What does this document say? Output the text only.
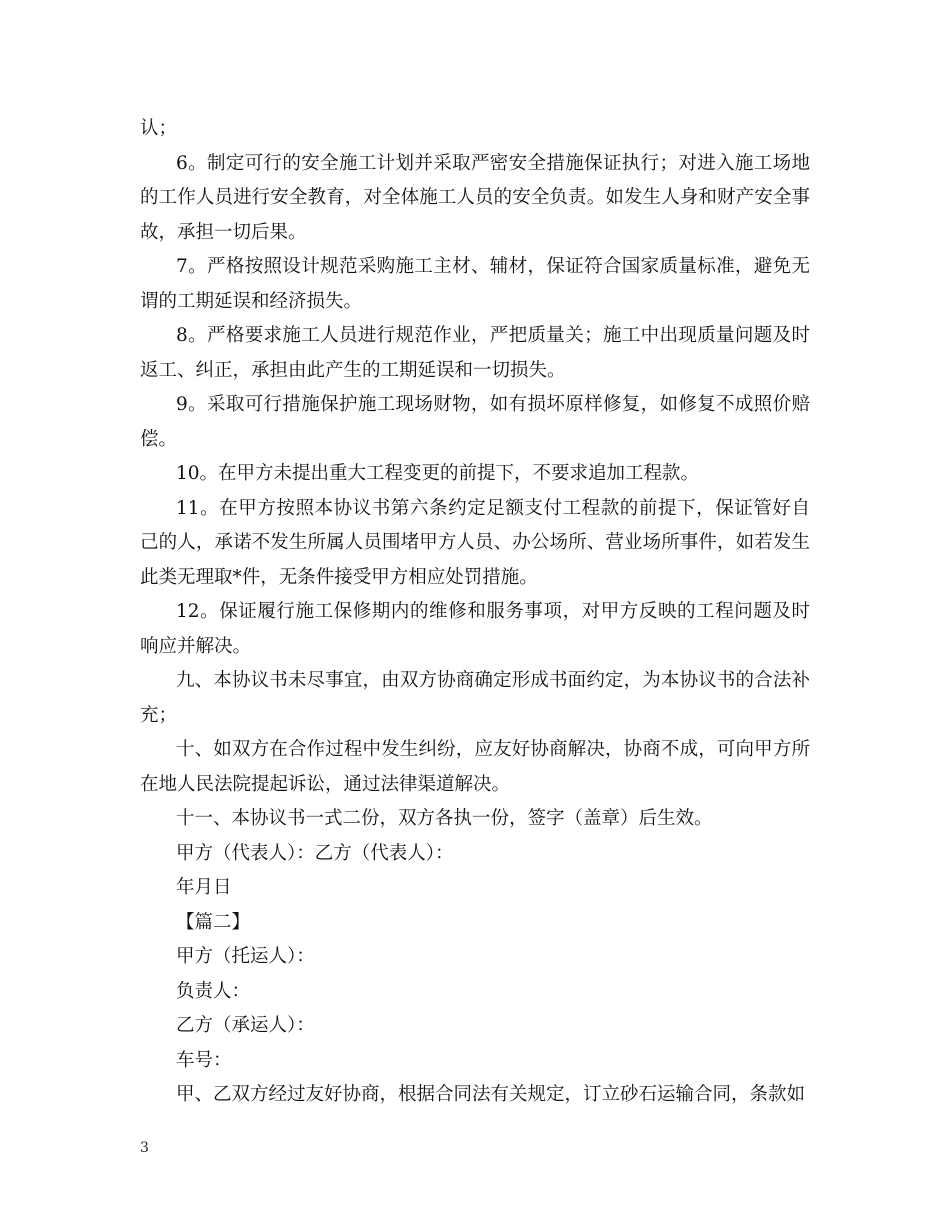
认；

6。制定可行的安全施工计划并采取严密安全措施保证执行；对进入施工场地的工作人员进行安全教育，对全体施工人员的安全负责。如发生人身和财产安全事故，承担一切后果。

7。严格按照设计规范采购施工主材、辅材，保证符合国家质量标准，避免无谓的工期延误和经济损失。

8。严格要求施工人员进行规范作业，严把质量关；施工中出现质量问题及时返工、纠正，承担由此产生的工期延误和一切损失。

9。采取可行措施保护施工现场财物，如有损坏原样修复，如修复不成照价赔偿。

10。在甲方未提出重大工程变更的前提下，不要求追加工程款。

11。在甲方按照本协议书第六条约定足额支付工程款的前提下，保证管好自己的人，承诺不发生所属人员围堵甲方人员、办公场所、营业场所事件，如若发生此类无理取*件，无条件接受甲方相应处罚措施。

12。保证履行施工保修期内的维修和服务事项，对甲方反映的工程问题及时响应并解决。

九、本协议书未尽事宜，由双方协商确定形成书面约定，为本协议书的合法补充；

十、如双方在合作过程中发生纠纷，应友好协商解决，协商不成，可向甲方所在地人民法院提起诉讼，通过法律渠道解决。

十一、本协议书一式二份，双方各执一份，签字（盖章）后生效。

甲方（代表人）：乙方（代表人）：

年月日

【篇二】

甲方（托运人）：

负责人：

乙方（承运人）：

车号：

甲、乙双方经过友好协商，根据合同法有关规定，订立砂石运输合同，条款如

3
